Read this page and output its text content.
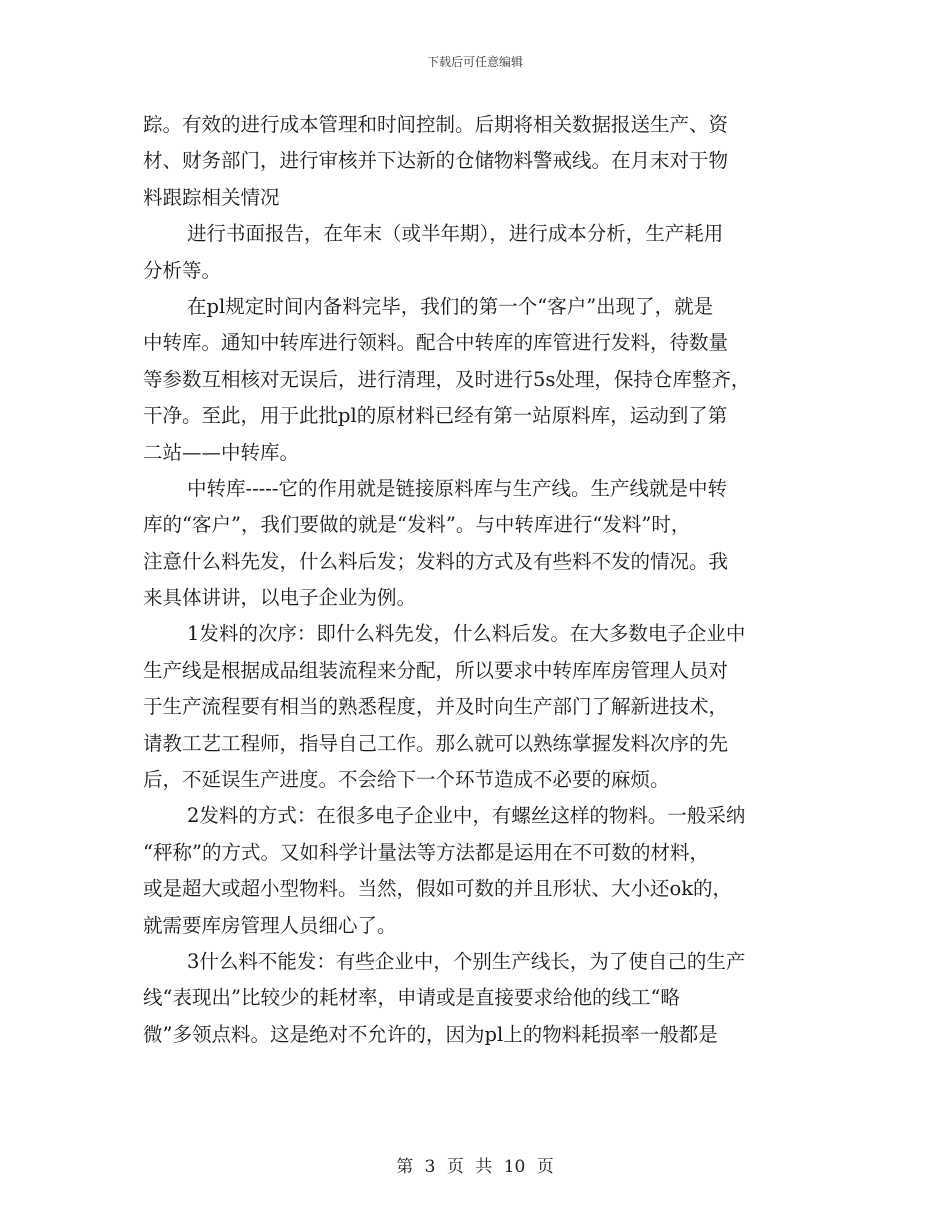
下载后可任意编辑
踪。有效的进行成本管理和时间控制。后期将相关数据报送生产、资
材、财务部门，进行审核并下达新的仓储物料警戒线。在月末对于物
料跟踪相关情况
进行书面报告，在年末（或半年期），进行成本分析，生产耗用
分析等。
在pl规定时间内备料完毕，我们的第一个“客户”出现了，就是
中转库。通知中转库进行领料。配合中转库的库管进行发料，待数量
等参数互相核对无误后，进行清理，及时进行5s处理，保持仓库整齐，
干净。至此，用于此批pl的原材料已经有第一站原料库，运动到了第
二站——中转库。
中转库-----它的作用就是链接原料库与生产线。生产线就是中转
库的“客户”，我们要做的就是“发料”。与中转库进行“发料”时，
注意什么料先发，什么料后发；发料的方式及有些料不发的情况。我
来具体讲讲，以电子企业为例。
1发料的次序：即什么料先发，什么料后发。在大多数电子企业中
生产线是根据成品组装流程来分配，所以要求中转库库房管理人员对
于生产流程要有相当的熟悉程度，并及时向生产部门了解新进技术，
请教工艺工程师，指导自己工作。那么就可以熟练掌握发料次序的先
后，不延误生产进度。不会给下一个环节造成不必要的麻烦。
2发料的方式：在很多电子企业中，有螺丝这样的物料。一般采纳
“秤称”的方式。又如科学计量法等方法都是运用在不可数的材料，
或是超大或超小型物料。当然，假如可数的并且形状、大小还ok的，
就需要库房管理人员细心了。
3什么料不能发：有些企业中，个别生产线长，为了使自己的生产
线“表现出”比较少的耗材率，申请或是直接要求给他的线工“略
微”多领点料。这是绝对不允许的，因为pl上的物料耗损率一般都是
第 3 页 共 10 页
